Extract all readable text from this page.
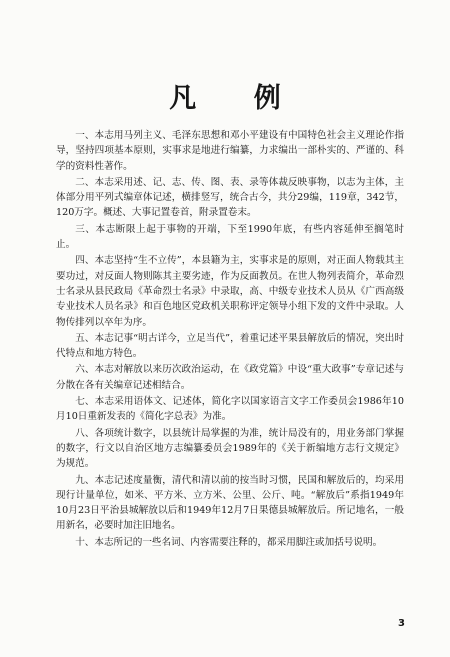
凡 例

一、本志用马列主义、毛泽东思想和邓小平建设有中国特色社会主义理论作指导，坚持四项基本原则，实事求是地进行编纂，力求编出一部朴实的、严谨的、科学的资料性著作。

二、本志采用述、记、志、传、图、表、录等体裁反映事物，以志为主体，主体部分用平列式编章体记述，横排竖写，统合古今，共分29编，119章，342节，120万字。概述、大事记置卷首，附录置卷末。

三、本志断限上起于事物的开端，下至1990年底，有些内容延伸至搁笔时止。

四、本志坚持“生不立传”，本县籍为主，实事求是的原则，对正面人物载其主要功过，对反面人物则陈其主要劣迹，作为反面教员。在世人物列表简介，革命烈士名录从县民政局《革命烈士名录》中录取，高、中级专业技术人员从《广西高级专业技术人员名录》和百色地区党政机关职称评定领导小组下发的文件中录取。人物传排列以卒年为序。

五、本志记事“明古详今，立足当代”，着重记述平果县解放后的情况，突出时代特点和地方特色。

六、本志对解放以来历次政治运动，在《政党篇》中设“重大政事”专章记述与分散在各有关编章记述相结合。

七、本志采用语体文、记述体，简化字以国家语言文字工作委员会1986年10月10日重新发表的《简化字总表》为准。

八、各项统计数字，以县统计局掌握的为准，统计局没有的，用业务部门掌握的数字，行文以自治区地方志编纂委员会1989年的《关于新编地方志行文规定》为规范。

九、本志记述度量衡，清代和清以前的按当时习惯，民国和解放后的，均采用现行计量单位，如米、平方米、立方米、公里、公斤、吨。“解放后”系指1949年10月23日平治县城解放以后和1949年12月7日果德县城解放后。所记地名，一般用新名，必要时加注旧地名。

十、本志所记的一些名词、内容需要注释的，都采用脚注或加括号说明。

3
